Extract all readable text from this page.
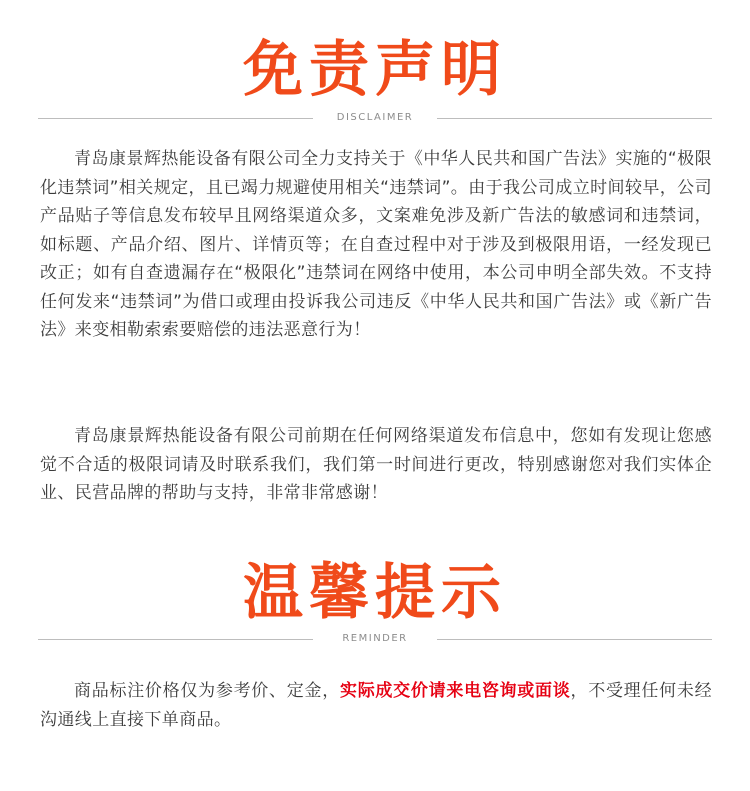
免责声明
DISCLAIMER

青岛康景辉热能设备有限公司全力支持关于《中华人民共和国广告法》实施的“极限化违禁词”相关规定，且已竭力规避使用相关“违禁词”。由于我公司成立时间较早，公司产品贴子等信息发布较早且网络渠道众多，文案难免涉及新广告法的敏感词和违禁词，如标题、产品介绍、图片、详情页等；在自查过程中对于涉及到极限用语，一经发现已改正；如有自查遗漏存在“极限化”违禁词在网络中使用，本公司申明全部失效。不支持任何发来“违禁词”为借口或理由投诉我公司违反《中华人民共和国广告法》或《新广告法》来变相勒索索要赔偿的违法恶意行为！

青岛康景辉热能设备有限公司前期在任何网络渠道发布信息中，您如有发现让您感觉不合适的极限词请及时联系我们，我们第一时间进行更改，特别感谢您对我们实体企业、民营品牌的帮助与支持，非常非常感谢！

温馨提示
REMINDER

商品标注价格仅为参考价、定金，实际成交价请来电咨询或面谈，不受理任何未经沟通线上直接下单商品。
